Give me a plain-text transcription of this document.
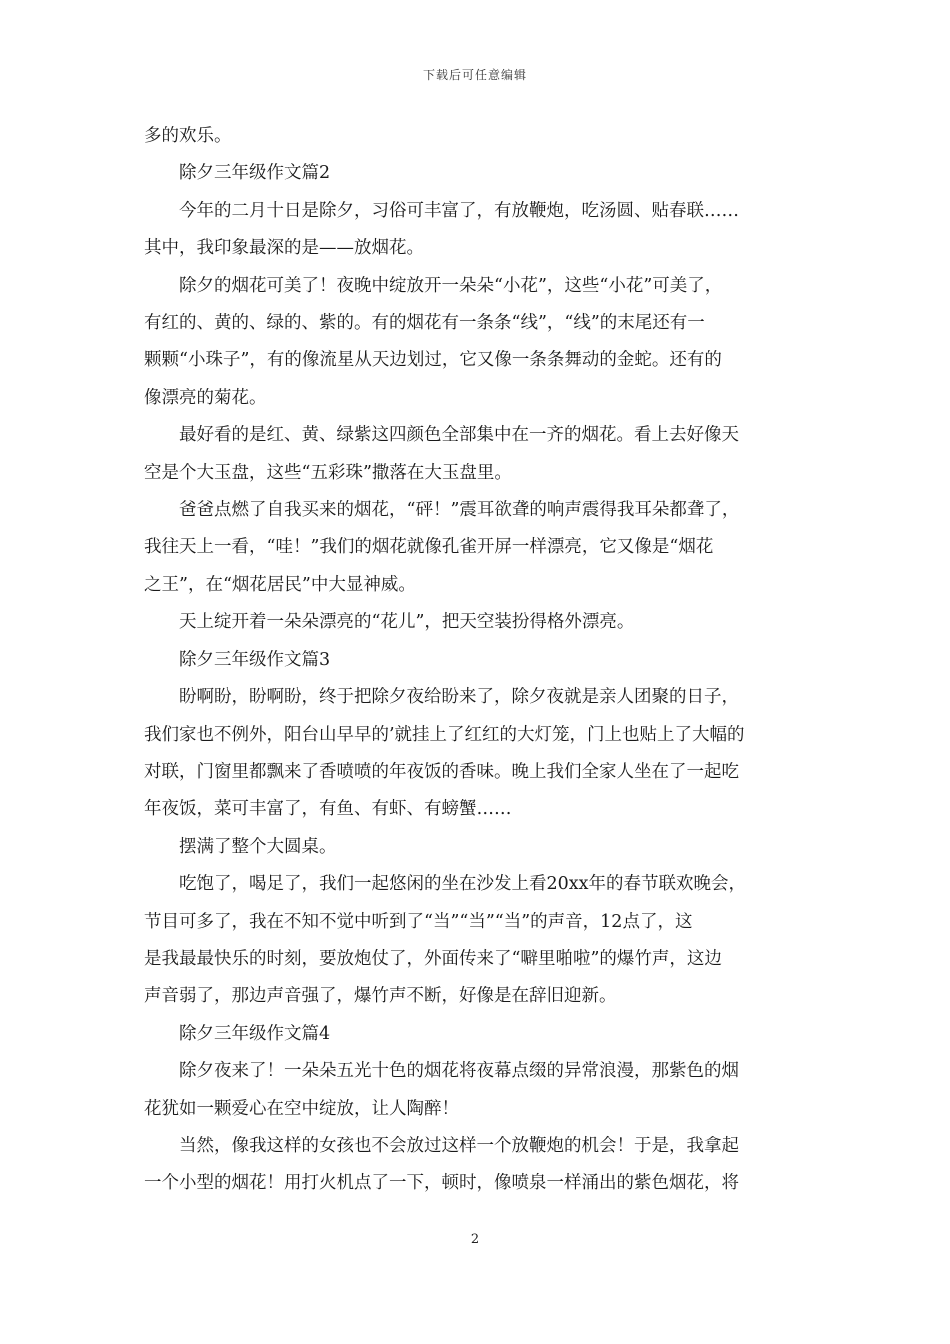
下载后可任意编辑

多的欢乐。

除夕三年级作文篇2

今年的二月十日是除夕，习俗可丰富了，有放鞭炮，吃汤圆、贴春联……
其中，我印象最深的是——放烟花。

除夕的烟花可美了！夜晚中绽放开一朵朵“小花”，这些“小花”可美了，
有红的、黄的、绿的、紫的。有的烟花有一条条“线”，“线”的末尾还有一
颗颗“小珠子”，有的像流星从天边划过，它又像一条条舞动的金蛇。还有的
像漂亮的菊花。

最好看的是红、黄、绿紫这四颜色全部集中在一齐的烟花。看上去好像天
空是个大玉盘，这些“五彩珠”撒落在大玉盘里。

爸爸点燃了自我买来的烟花，“砰！”震耳欲聋的响声震得我耳朵都聋了，
我往天上一看，“哇！”我们的烟花就像孔雀开屏一样漂亮，它又像是“烟花
之王”，在“烟花居民”中大显神威。

天上绽开着一朵朵漂亮的“花儿”，把天空装扮得格外漂亮。

除夕三年级作文篇3

盼啊盼，盼啊盼，终于把除夕夜给盼来了，除夕夜就是亲人团聚的日子，
我们家也不例外，阳台山早早的’就挂上了红红的大灯笼，门上也贴上了大幅的
对联，门窗里都飘来了香喷喷的年夜饭的香味。晚上我们全家人坐在了一起吃
年夜饭，菜可丰富了，有鱼、有虾、有螃蟹……

摆满了整个大圆桌。

吃饱了，喝足了，我们一起悠闲的坐在沙发上看20xx年的春节联欢晚会，
节目可多了，我在不知不觉中听到了“当”“当”“当”的声音，12点了，这
是我最最快乐的时刻，要放炮仗了，外面传来了“噼里啪啦”的爆竹声，这边
声音弱了，那边声音强了，爆竹声不断，好像是在辞旧迎新。

除夕三年级作文篇4

除夕夜来了！一朵朵五光十色的烟花将夜幕点缀的异常浪漫，那紫色的烟
花犹如一颗爱心在空中绽放，让人陶醉！

当然，像我这样的女孩也不会放过这样一个放鞭炮的机会！于是，我拿起
一个小型的烟花！用打火机点了一下，顿时，像喷泉一样涌出的紫色烟花，将

2
